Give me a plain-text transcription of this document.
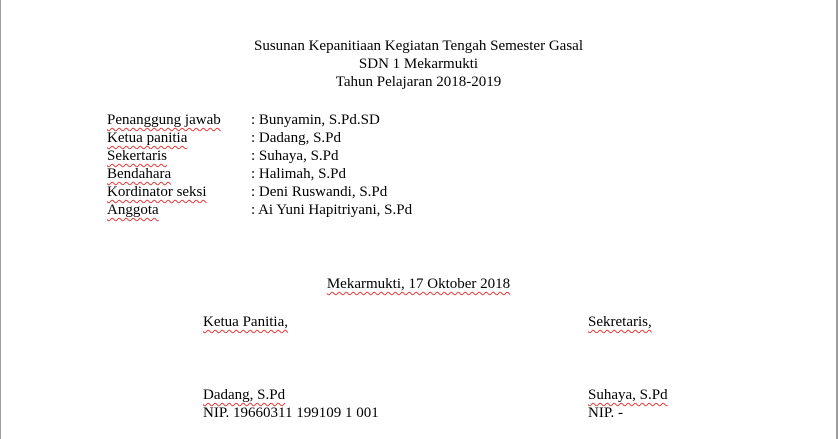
Susunan Kepanitiaan Kegiatan Tengah Semester Gasal
SDN 1 Mekarmukti
Tahun Pelajaran 2018-2019
Penanggung jawab : Bunyamin, S.Pd.SD
Ketua panitia	: Dadang, S.Pd
Sekertaris	: Suhaya, S.Pd
Bendahara	: Halimah, S.Pd
Kordinator seksi	: Deni Ruswandi, S.Pd
Anggota	: Ai Yuni Hapitriyani, S.Pd
Mekarmukti, 17 Oktober 2018
Ketua Panitia,	Sekretaris,
Dadang, S.Pd	Suhaya, S.Pd
NIP. 19660311 199109 1 001	NIP. -
